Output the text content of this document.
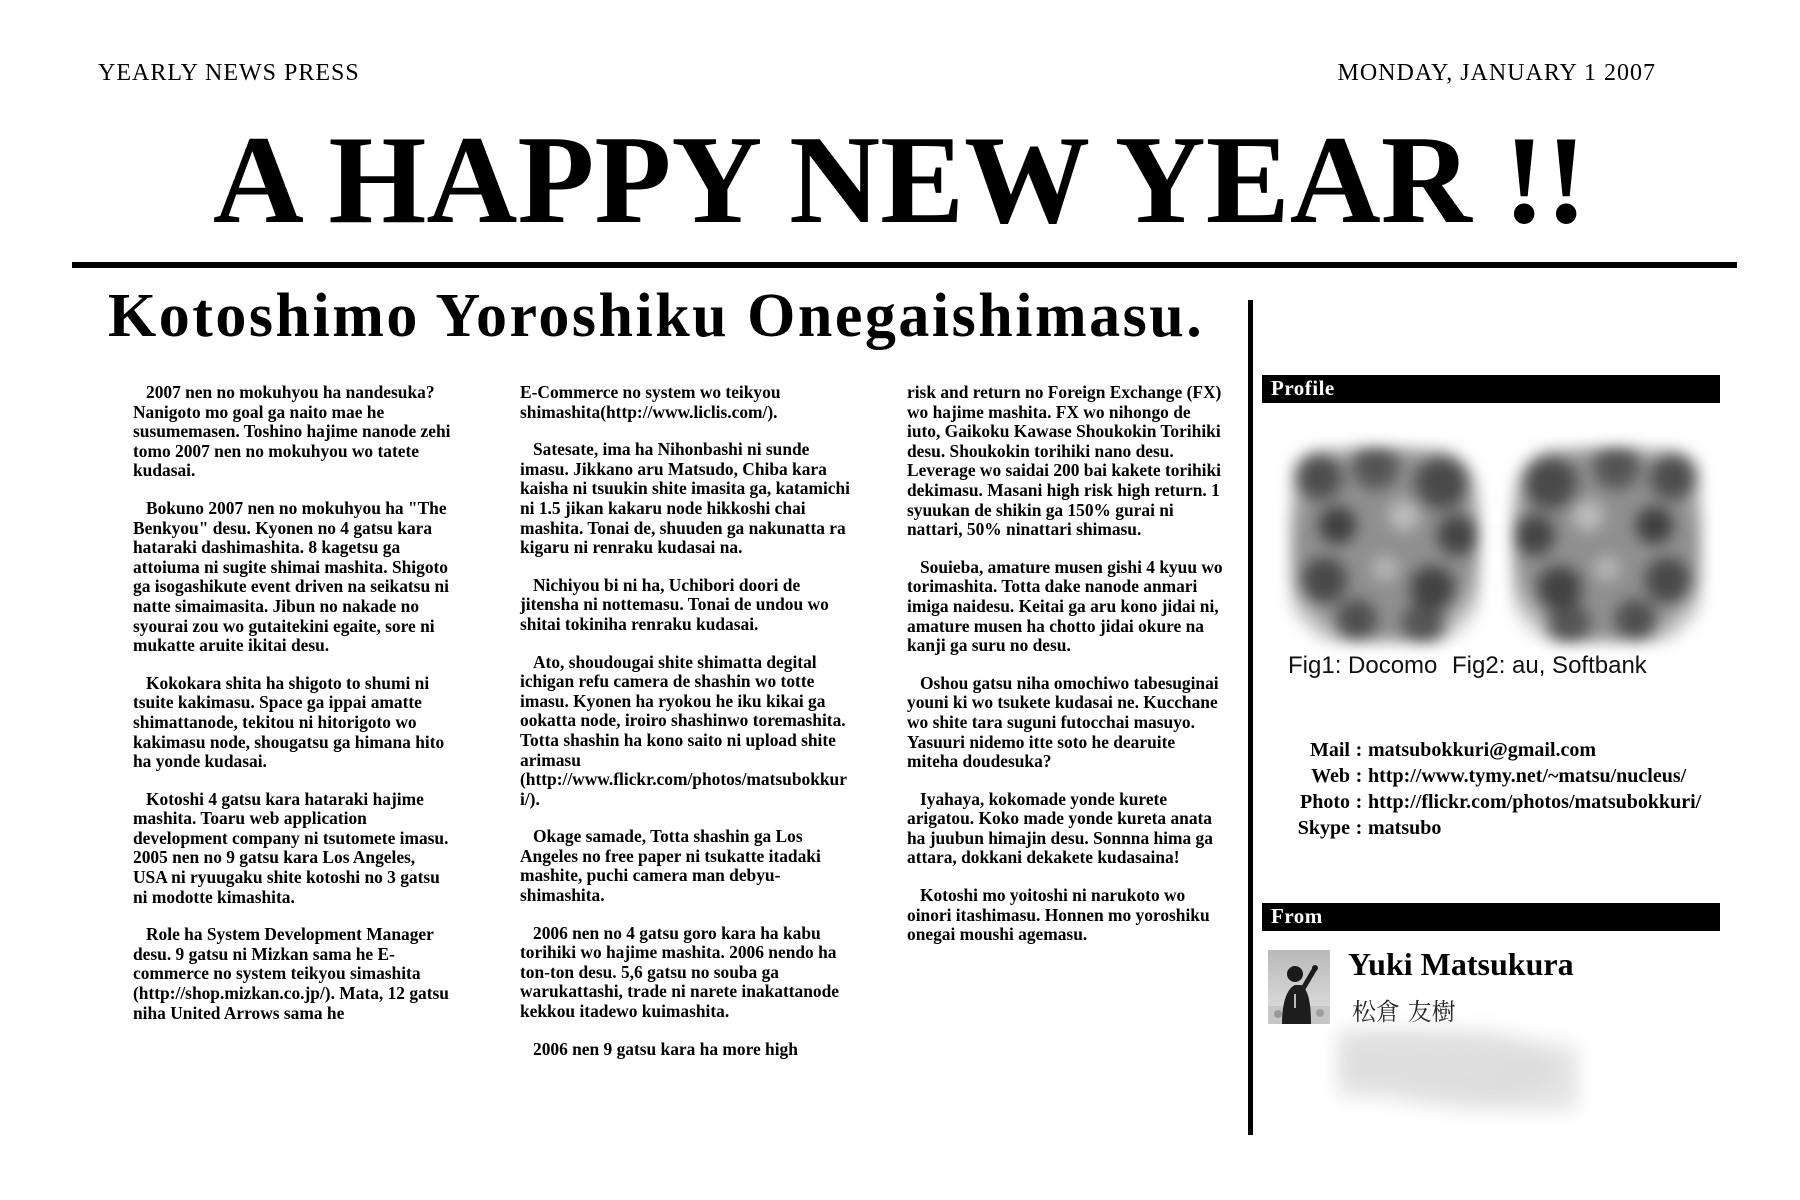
YEARLY NEWS PRESS	MONDAY, JANUARY 1 2007
A HAPPY NEW YEAR !!
Kotoshimo Yoroshiku Onegaishimasu.

2007 nen no mokuhyou ha nandesuka? Nanigoto mo goal ga naito mae he susumemasen. Toshino hajime nanode zehi tomo 2007 nen no mokuhyou wo tatete kudasai.

Bokuno 2007 nen no mokuhyou ha "The Benkyou" desu. Kyonen no 4 gatsu kara hataraki dashimashita. 8 kagetsu ga attoiuma ni sugite shimai mashita. Shigoto ga isogashikute event driven na seikatsu ni natte simaimasita. Jibun no nakade no syourai zou wo gutaitekini egaite, sore ni mukatte aruite ikitai desu.

Kokokara shita ha shigoto to shumi ni tsuite kakimasu. Space ga ippai amatte shimattanode, tekitou ni hitorigoto wo kakimasu node, shougatsu ga himana hito ha yonde kudasai.

Kotoshi 4 gatsu kara hataraki hajime mashita. Toaru web application development company ni tsutomete imasu. 2005 nen no 9 gatsu kara Los Angeles, USA ni ryuugaku shite kotoshi no 3 gatsu ni modotte kimashita.

Role ha System Development Manager desu. 9 gatsu ni Mizkan sama he E-commerce no system teikyou simashita (http://shop.mizkan.co.jp/). Mata, 12 gatsu niha United Arrows sama he

E-Commerce no system wo teikyou shimashita(http://www.liclis.com/).

Satesate, ima ha Nihonbashi ni sunde imasu. Jikkano aru Matsudo, Chiba kara kaisha ni tsuukin shite imasita ga, katamichi ni 1.5 jikan kakaru node hikkoshi chai mashita. Tonai de, shuuden ga nakunatta ra kigaru ni renraku kudasai na.

Nichiyou bi ni ha, Uchibori doori de jitensha ni nottemasu. Tonai de undou wo shitai tokiniha renraku kudasai.

Ato, shoudougai shite shimatta degital ichigan refu camera de shashin wo totte imasu. Kyonen ha ryokou he iku kikai ga ookatta node, iroiro shashinwo toremashita. Totta shashin ha kono saito ni upload shite arimasu (http://www.flickr.com/photos/matsubokkuri/).

Okage samade, Totta shashin ga Los Angeles no free paper ni tsukatte itadaki mashite, puchi camera man debyu- shimashita.

2006 nen no 4 gatsu goro kara ha kabu torihiki wo hajime mashita. 2006 nendo ha ton-ton desu. 5,6 gatsu no souba ga warukattashi, trade ni narete inakattanode kekkou itadewo kuimashita.

2006 nen 9 gatsu kara ha more high

risk and return no Foreign Exchange (FX) wo hajime mashita. FX wo nihongo de iuto, Gaikoku Kawase Shoukokin Torihiki desu. Shoukokin torihiki nano desu. Leverage wo saidai 200 bai kakete torihiki dekimasu. Masani high risk high return. 1 syuukan de shikin ga 150% gurai ni nattari, 50% ninattari shimasu.

Souieba, amature musen gishi 4 kyuu wo torimashita. Totta dake nanode anmari imiga naidesu. Keitai ga aru kono jidai ni, amature musen ha chotto jidai okure na kanji ga suru no desu.

Oshou gatsu niha omochiwo tabesuginai youni ki wo tsukete kudasai ne. Kucchane wo shite tara suguni futocchai masuyo. Yasuuri nidemo itte soto he dearuite miteha doudesuka?

Iyahaya, kokomade yonde kurete arigatou. Koko made yonde kureta anata ha juubun himajin desu. Sonnna hima ga attara, dokkani dekakete kudasaina!

Kotoshi mo yoitoshi ni narukoto wo oinori itashimasu. Honnen mo yoroshiku onegai moushi agemasu.

Profile
Fig1: Docomo Fig2: au, Softbank
Mail : matsubokkuri@gmail.com
Web : http://www.tymy.net/~matsu/nucleus/
Photo : http://flickr.com/photos/matsubokkuri/
Skype : matsubo
From
Yuki Matsukura
松倉 友樹
